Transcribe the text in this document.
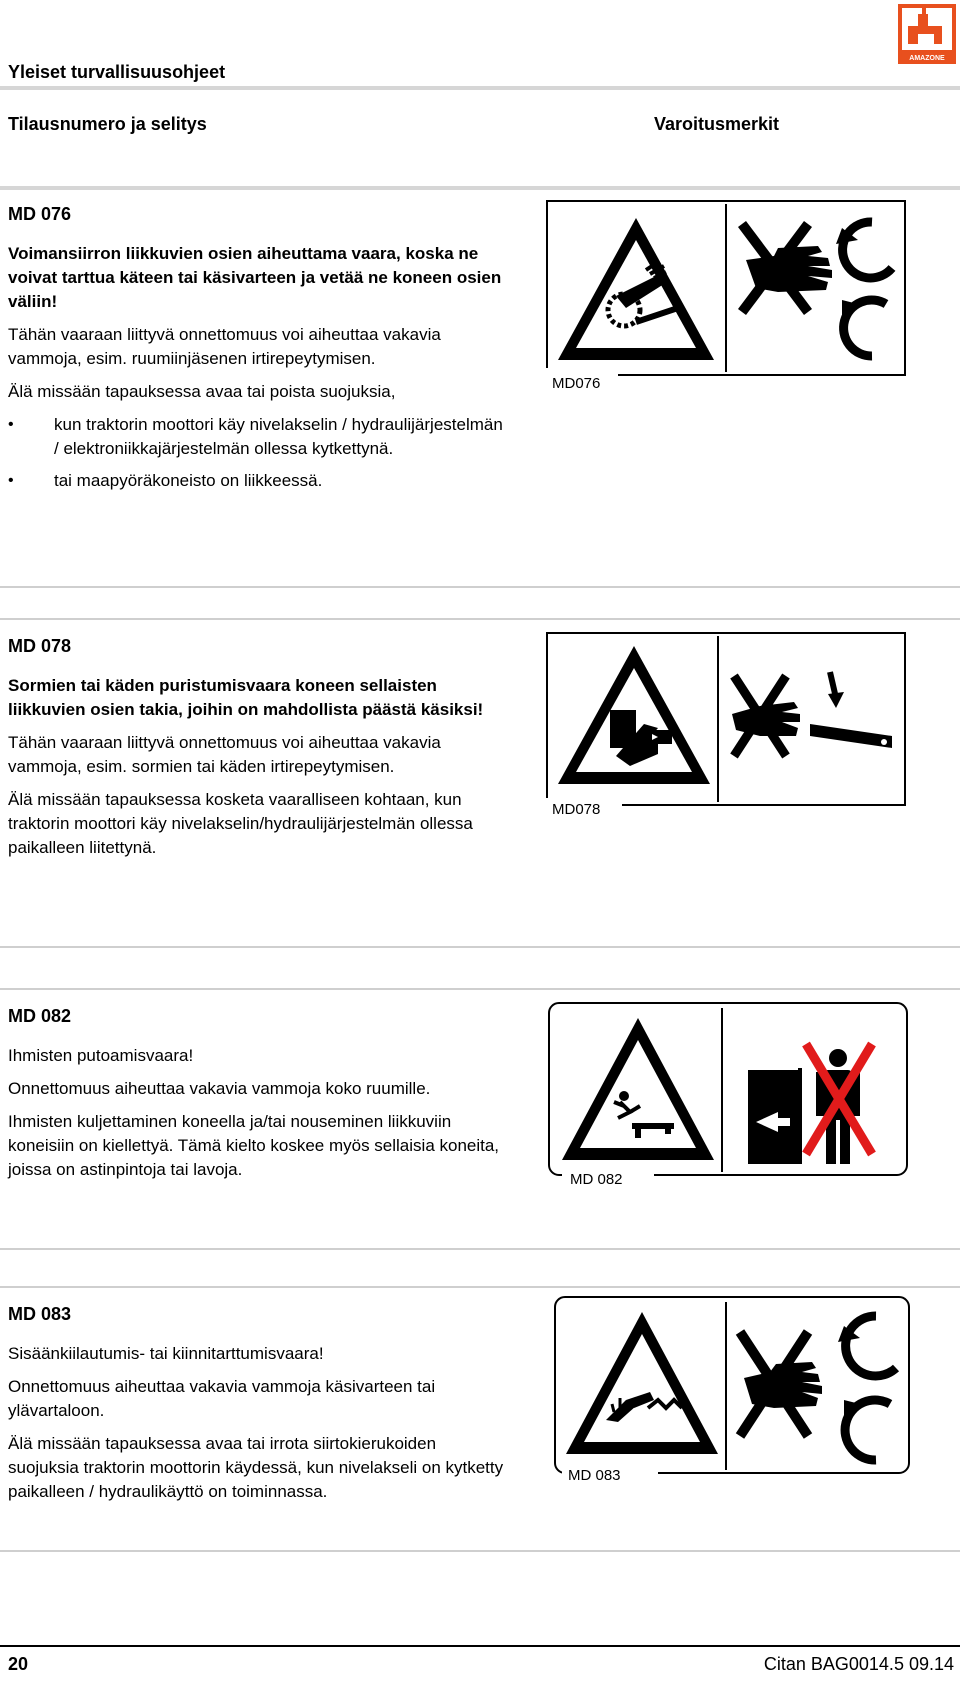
AMAZONE
Yleiset turvallisuusohjeet
Tilausnumero ja selitys	Varoitusmerkit
MD 076

Voimansiirron liikkuvien osien aiheuttama vaara, koska ne voivat tarttua käteen tai käsivarteen ja vetää ne koneen osien väliin!

Tähän vaaraan liittyvä onnettomuus voi aiheuttaa vakavia vammoja, esim. ruumiinjäsenen irtirepeytymisen.

Älä missään tapauksessa avaa tai poista suojuksia,

• kun traktorin moottori käy nivelakselin / hydraulijärjestelmän / elektroniikkajärjestelmän ollessa kytkettynä.
• tai maapyöräkoneisto on liikkeessä.
MD076
MD 078

Sormien tai käden puristumisvaara koneen sellaisten liikkuvien osien takia, joihin on mahdollista päästä käsiksi!

Tähän vaaraan liittyvä onnettomuus voi aiheuttaa vakavia vammoja, esim. sormien tai käden irtirepeytymisen.

Älä missään tapauksessa kosketa vaaralliseen kohtaan, kun traktorin moottori käy nivelakselin/hydraulijärjestelmän ollessa paikalleen liitettynä.

MD078
MD 082

Ihmisten putoamisvaara!

Onnettomuus aiheuttaa vakavia vammoja koko ruumille.

Ihmisten kuljettaminen koneella ja/tai nouseminen liikkuviin koneisiin on kiellettyä. Tämä kielto koskee myös sellaisia koneita, joissa on astinpintoja tai lavoja.

MD 082
MD 083

Sisäänkiilautumis- tai kiinnitarttumisvaara!

Onnettomuus aiheuttaa vakavia vammoja käsivarteen tai ylävartaloon.

Älä missään tapauksessa avaa tai irrota siirtokierukoiden suojuksia traktorin moottorin käydessä, kun nivelakseli on kytketty paikalleen / hydraulikäyttö on toiminnassa.

MD 083
20	Citan BAG0014.5 09.14
